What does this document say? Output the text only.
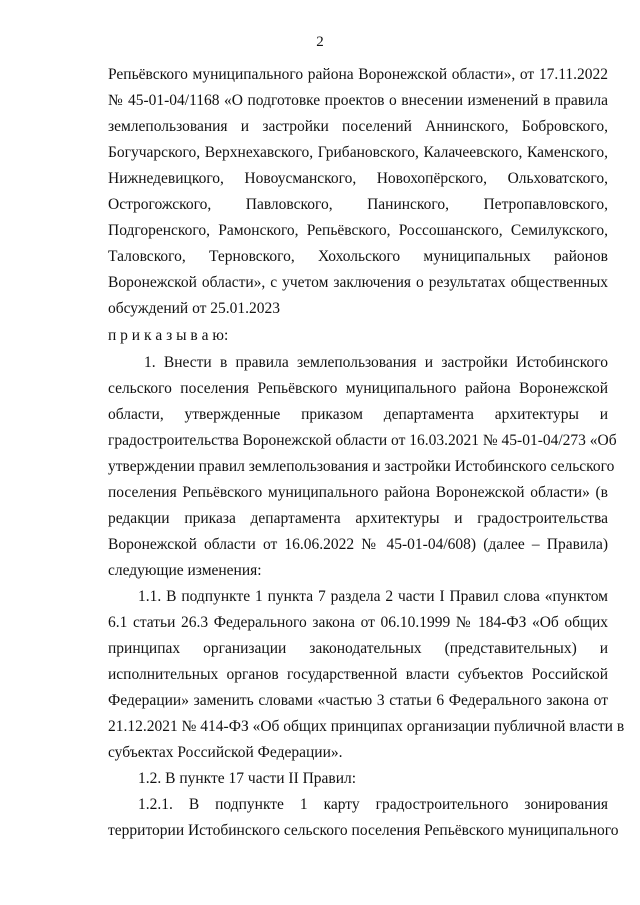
2
Репьёвского муниципального района Воронежской области», от 17.11.2022
№ 45-01-04/1168 «О подготовке проектов о внесении изменений в правила
землепользования и застройки поселений Аннинского, Бобровского,
Богучарского, Верхнехавского, Грибановского, Калачеевского, Каменского,
Нижнедевицкого, Новоусманского, Новохопёрского, Ольховатского,
Острогожского, Павловского, Панинского, Петропавловского,
Подгоренского, Рамонского, Репьёвского, Россошанского, Семилукского,
Таловского, Терновского, Хохольского муниципальных районов
Воронежской области», с учетом заключения о результатах общественных
обсуждений от 25.01.2023
п р и к а з ы в а ю:
1. Внести в правила землепользования и застройки Истобинского
сельского поселения Репьёвского муниципального района Воронежской
области, утвержденные приказом департамента архитектуры и
градостроительства Воронежской области от 16.03.2021 № 45-01-04/273 «Об
утверждении правил землепользования и застройки Истобинского сельского
поселения Репьёвского муниципального района Воронежской области» (в
редакции приказа департамента архитектуры и градостроительства
Воронежской области от 16.06.2022 № 45-01-04/608) (далее – Правила)
следующие изменения:
1.1. В подпункте 1 пункта 7 раздела 2 части I Правил слова «пунктом
6.1 статьи 26.3 Федерального закона от 06.10.1999 № 184-ФЗ «Об общих
принципах организации законодательных (представительных) и
исполнительных органов государственной власти субъектов Российской
Федерации» заменить словами «частью 3 статьи 6 Федерального закона от
21.12.2021 № 414-ФЗ «Об общих принципах организации публичной власти в
субъектах Российской Федерации».
1.2. В пункте 17 части II Правил:
1.2.1. В подпункте 1 карту градостроительного зонирования
территории Истобинского сельского поселения Репьёвского муниципального
